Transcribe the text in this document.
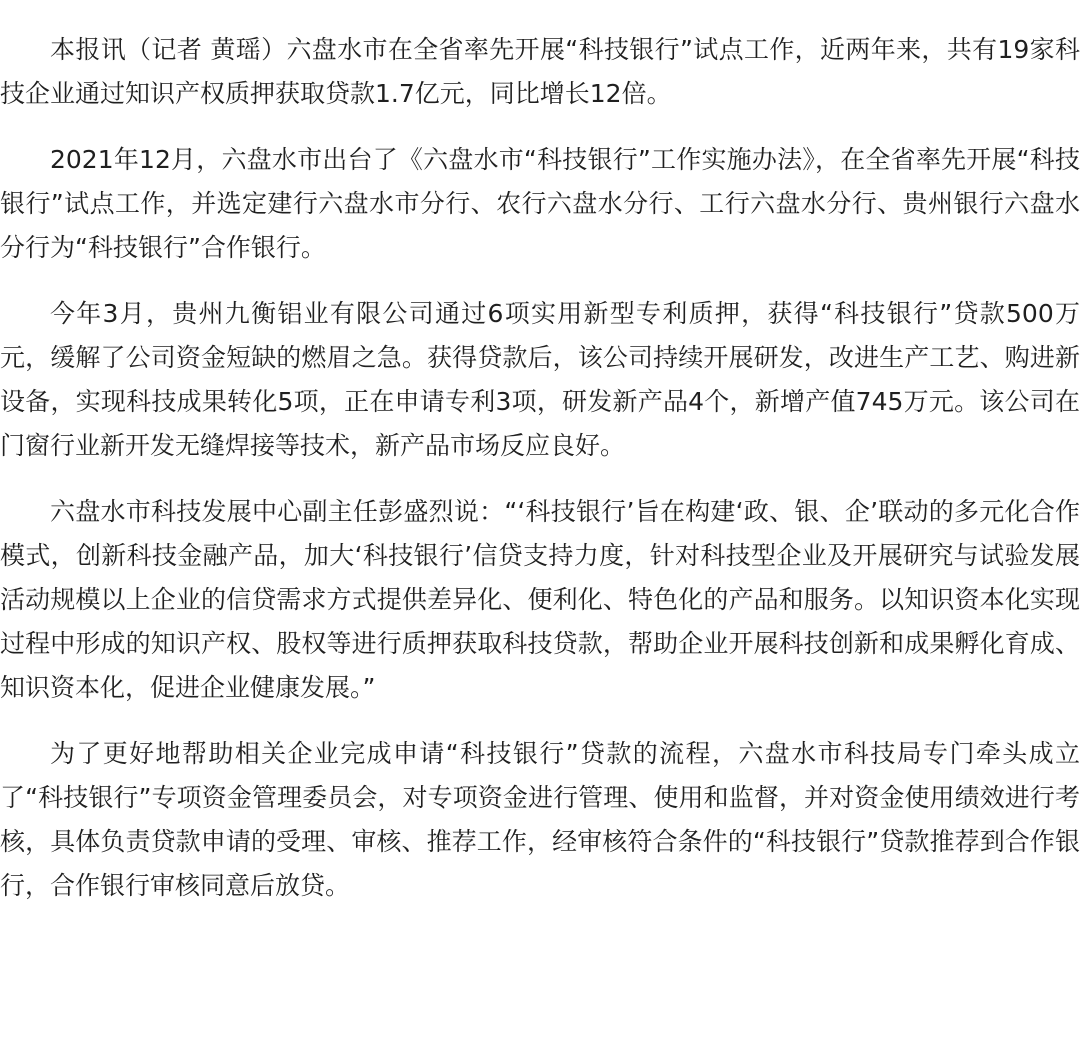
本报讯（记者 黄瑶）六盘水市在全省率先开展“科技银行”试点工作，近两年来，共有19家科技企业通过知识产权质押获取贷款1.7亿元，同比增长12倍。

2021年12月，六盘水市出台了《六盘水市“科技银行”工作实施办法》，在全省率先开展“科技银行”试点工作，并选定建行六盘水市分行、农行六盘水分行、工行六盘水分行、贵州银行六盘水分行为“科技银行”合作银行。

今年3月，贵州九衡铝业有限公司通过6项实用新型专利质押，获得“科技银行”贷款500万元，缓解了公司资金短缺的燃眉之急。获得贷款后，该公司持续开展研发，改进生产工艺、购进新设备，实现科技成果转化5项，正在申请专利3项，研发新产品4个，新增产值745万元。该公司在门窗行业新开发无缝焊接等技术，新产品市场反应良好。

六盘水市科技发展中心副主任彭盛烈说：“‘科技银行’旨在构建‘政、银、企’联动的多元化合作模式，创新科技金融产品，加大‘科技银行’信贷支持力度，针对科技型企业及开展研究与试验发展活动规模以上企业的信贷需求方式提供差异化、便利化、特色化的产品和服务。以知识资本化实现过程中形成的知识产权、股权等进行质押获取科技贷款，帮助企业开展科技创新和成果孵化育成、知识资本化，促进企业健康发展。”

为了更好地帮助相关企业完成申请“科技银行”贷款的流程，六盘水市科技局专门牵头成立了“科技银行”专项资金管理委员会，对专项资金进行管理、使用和监督，并对资金使用绩效进行考核，具体负责贷款申请的受理、审核、推荐工作，经审核符合条件的“科技银行”贷款推荐到合作银行，合作银行审核同意后放贷。
